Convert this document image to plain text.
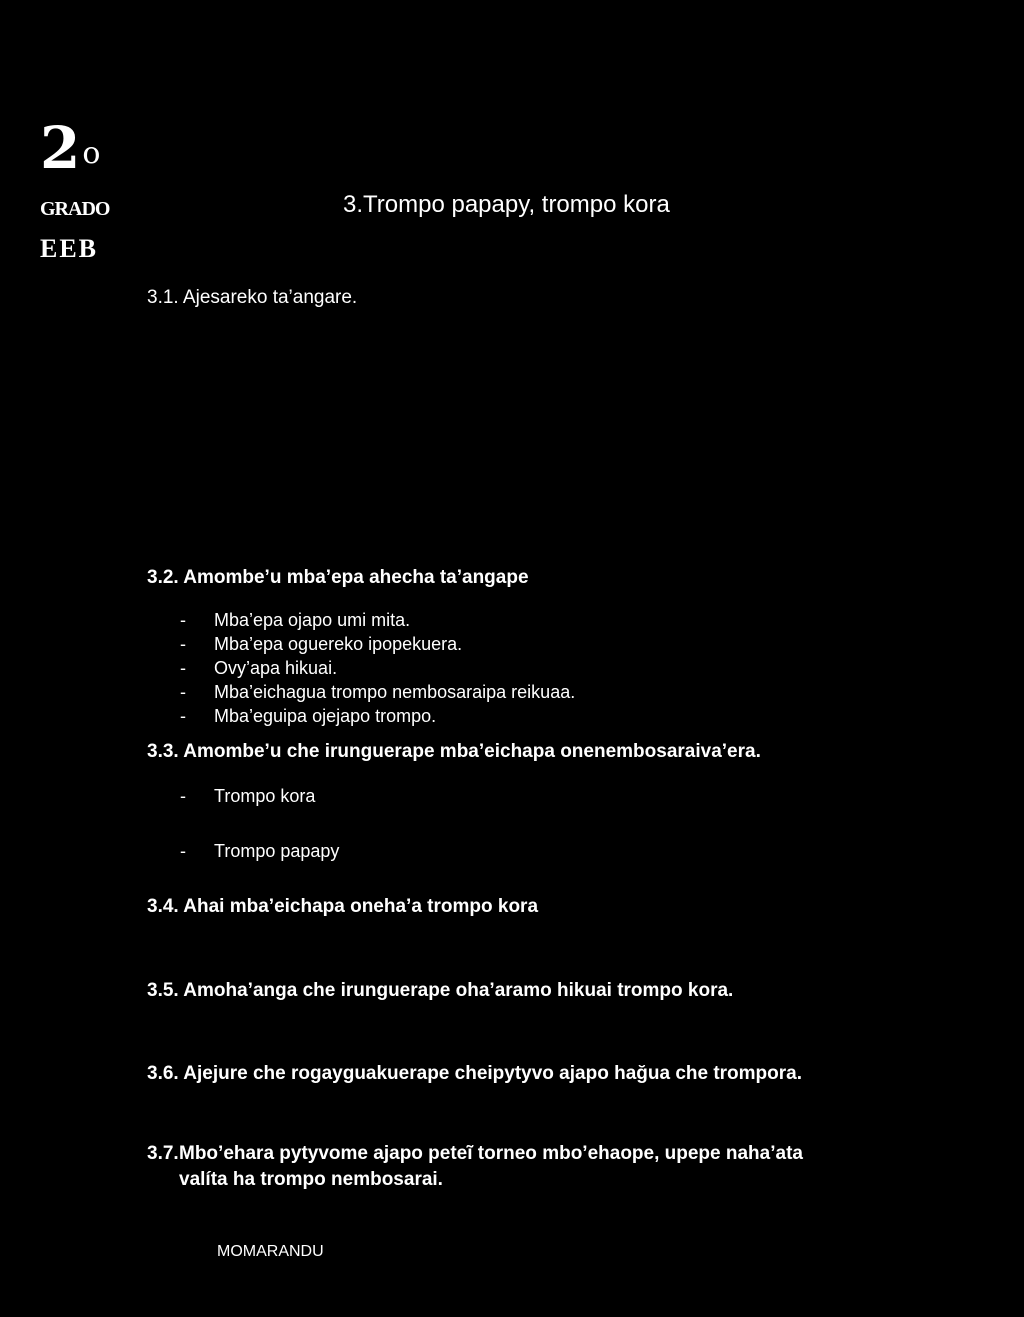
2$^o$
GRADO
EEB
3.Trompo papapy, trompo kora
3.1. Ajesareko ta’angare.
3.2. Amombe’u mba’epa ahecha ta’angape
- Mba’epa ojapo umi mita.
- Mba’epa oguereko ipopekuera.
- Ovy’apa hikuai.
- Mba’eichagua trompo nembosaraipa reikuaa.
- Mba’eguipa ojejapo trompo.
3.3. Amombe’u che irunguerape mba’eichapa onenembosaraiva’era.
- Trompo kora
- Trompo papapy
3.4. Ahai mba’eichapa oneha’a trompo kora
3.5. Amoha’anga che irunguerape oha’aramo hikuai trompo kora.
3.6. Ajejure che rogayguakuerape cheipytyvo ajapo hağua che trompora.
3.7.Mbo’ehara pytyvome ajapo peteĩ torneo mbo’ehaope, upepe naha’ata
valíta ha trompo nembosarai.
MOMARANDU
